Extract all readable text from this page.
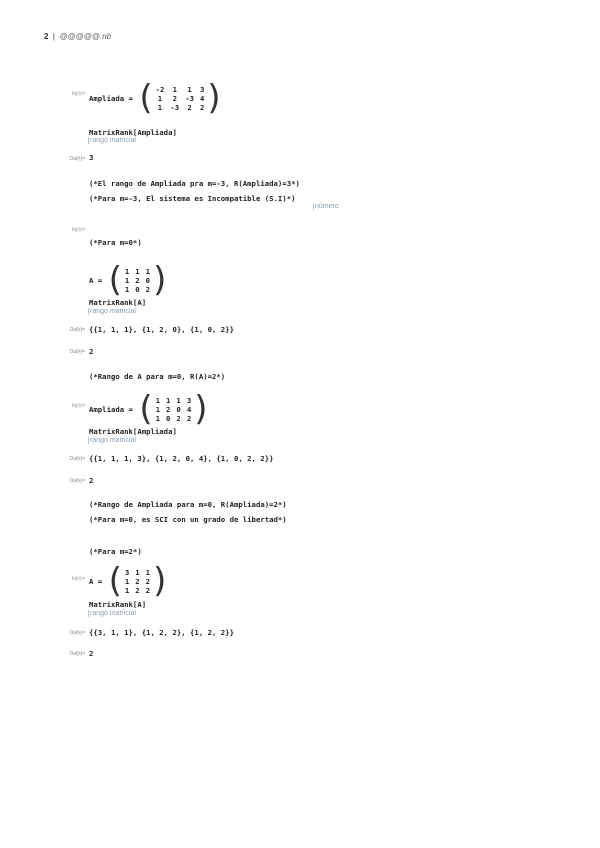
2 | @@@@@.nb
In[•]:= Ampliada = ( -2	1	1	3
1	2	-3	4
1	-3	2	2 )
MatrixRank[Ampliada]
rango matricial
Out[•]= 3
(*El rango de Ampliada pra m=-3, R(Ampliada)=3*)
(*Para m=-3, El sistema es Incompatible (S.I)*)
número
In[•]:=
(*Para m=0*)
A = ( 1	1	1
1	2	0
1	0	2 )
MatrixRank[A]
rango matricial
Out[•]= {{1, 1, 1}, {1, 2, 0}, {1, 0, 2}}
Out[•]= 2
(*Rango de A para m=0, R(A)=2*)
In[•]:= Ampliada = ( 1	1	1	3
1	2	0	4
1	0	2	2 )
MatrixRank[Ampliada]
rango matricial
Out[•]= {{1, 1, 1, 3}, {1, 2, 0, 4}, {1, 0, 2, 2}}
Out[•]= 2
(*Rango de Ampliada para m=0, R(Ampliada)=2*)
(*Para m=0, es SCI con un grado de libertad*)
(*Para m=2*)
In[•]:= A = ( 3	1	1
1	2	2
1	2	2 )
MatrixRank[A]
rango matricial
Out[•]= {{3, 1, 1}, {1, 2, 2}, {1, 2, 2}}
Out[•]= 2
